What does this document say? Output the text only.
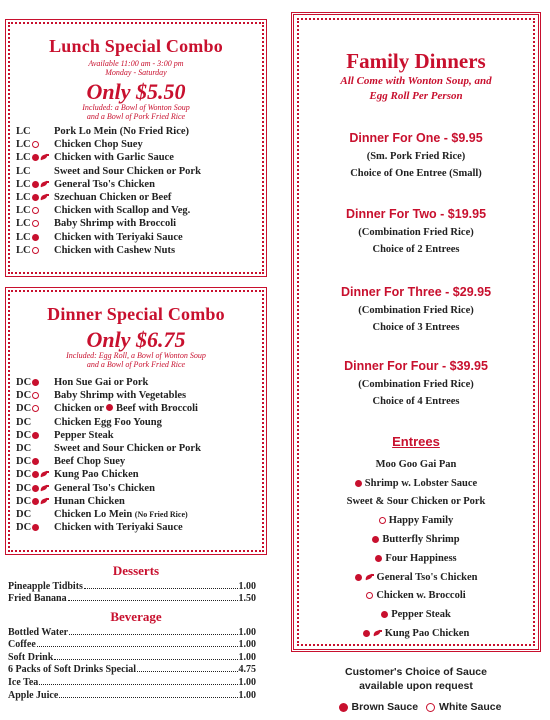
Lunch Special Combo
Available 11:00 am - 3:00 pm
Monday - Saturday
Only $5.50
Included: a Bowl of Wonton Soup
and a Bowl of Pork Fried Rice
LC Pork Lo Mein (No Fried Rice)
LC Chicken Chop Suey
LC Chicken with Garlic Sauce
LC Sweet and Sour Chicken or Pork
LC General Tso's Chicken
LC Szechuan Chicken or Beef
LC Chicken with Scallop and Veg.
LC Baby Shrimp with Broccoli
LC Chicken with Teriyaki Sauce
LC Chicken with Cashew Nuts
Dinner Special Combo
Only $6.75
Included: Egg Roll, a Bowl of Wonton Soup
and a Bowl of Pork Fried Rice
DC Hon Sue Gai or Pork
DC Baby Shrimp with Vegetables
DC Chicken or Beef with Broccoli
DC Chicken Egg Foo Young
DC Pepper Steak
DC Sweet and Sour Chicken or Pork
DC Beef Chop Suey
DC Kung Pao Chicken
DC General Tso's Chicken
DC Hunan Chicken
DC Chicken Lo Mein (No Fried Rice)
DC Chicken with Teriyaki Sauce
Desserts
Pineapple Tidbits	1.00
Fried Banana	1.50
Beverage
Bottled Water	1.00
Coffee	1.00
Soft Drink	1.00
6 Packs of Soft Drinks Special	4.75
Ice Tea	1.00
Apple Juice	1.00
Family Dinners
All Come with Wonton Soup, and
Egg Roll Per Person
Dinner For One - $9.95
(Sm. Pork Fried Rice)
Choice of One Entree (Small)
Dinner For Two - $19.95
(Combination Fried Rice)
Choice of 2 Entrees
Dinner For Three - $29.95
(Combination Fried Rice)
Choice of 3 Entrees
Dinner For Four - $39.95
(Combination Fried Rice)
Choice of 4 Entrees
Entrees
Moo Goo Gai Pan
Shrimp w. Lobster Sauce
Sweet & Sour Chicken or Pork
Happy Family
Butterfly Shrimp
Four Happiness
General Tso's Chicken
Chicken w. Broccoli
Pepper Steak
Kung Pao Chicken
Customer's Choice of Sauce
available upon request
Brown Sauce White Sauce
